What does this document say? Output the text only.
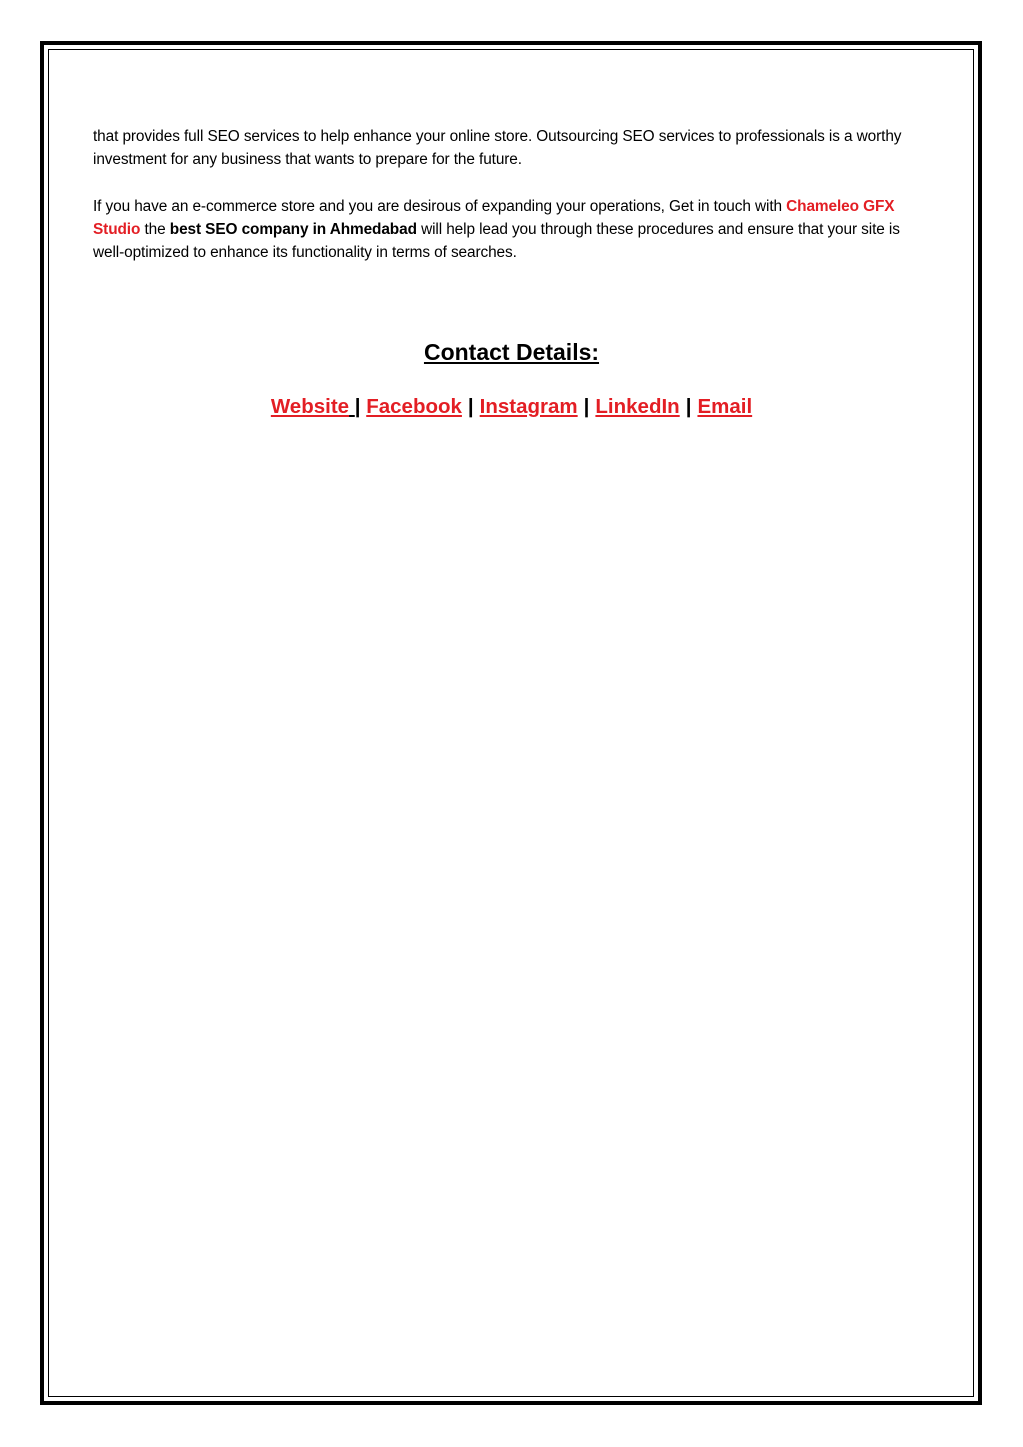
that provides full SEO services to help enhance your online store. Outsourcing SEO services to professionals is a worthy investment for any business that wants to prepare for the future.

If you have an e-commerce store and you are desirous of expanding your operations, Get in touch with Chameleo GFX Studio the best SEO company in Ahmedabad will help lead you through these procedures and ensure that your site is well-optimized to enhance its functionality in terms of searches.

Contact Details:
Website | Facebook | Instagram | LinkedIn | Email
